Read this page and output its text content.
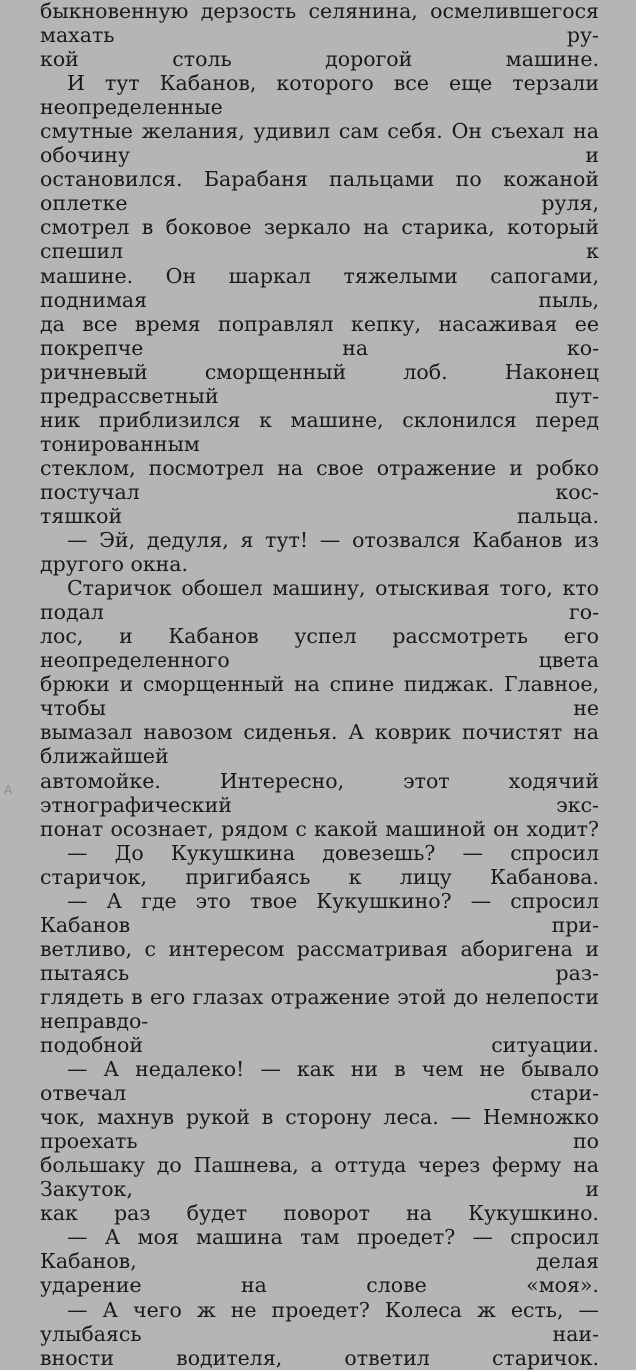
быкновенную дерзость селянина, осмелившегося махать ру-
кой столь дорогой машине.

И тут Кабанов, которого все еще терзали неопределенные
смутные желания, удивил сам себя. Он съехал на обочину и
остановился. Барабаня пальцами по кожаной оплетке руля,
смотрел в боковое зеркало на старика, который спешил к
машине. Он шаркал тяжелыми сапогами, поднимая пыль,
да все время поправлял кепку, насаживая ее покрепче на ко-
ричневый сморщенный лоб. Наконец предрассветный пут-
ник приблизился к машине, склонился перед тонированным
стеклом, посмотрел на свое отражение и робко постучал кос-
тяшкой пальца.

— Эй, дедуля, я тут! — отозвался Кабанов из другого окна.

Старичок обошел машину, отыскивая того, кто подал го-
лос, и Кабанов успел рассмотреть его неопределенного цвета
брюки и сморщенный на спине пиджак. Главное, чтобы не
вымазал навозом сиденья. А коврик почистят на ближайшей
автомойке. Интересно, этот ходячий этнографический экс-
понат осознает, рядом с какой машиной он ходит?

— До Кукушкина довезешь? — спросил старичок, пригибаясь к лицу Кабанова.

— А где это твое Кукушкино? — спросил Кабанов при-
ветливо, с интересом рассматривая аборигена и пытаясь раз-
глядеть в его глазах отражение этой до нелепости неправдо-
подобной ситуации.

— А недалеко! — как ни в чем не бывало отвечал стари-
чок, махнув рукой в сторону леса. — Немножко проехать по
большаку до Пашнева, а оттуда через ферму на Закуток, и
как раз будет поворот на Кукушкино.

— А моя машина там проедет? — спросил Кабанов, делая
ударение на слове «моя».

— А чего ж не проедет? Колеса ж есть, — улыбаясь наи-
вности водителя, ответил старичок.

А
